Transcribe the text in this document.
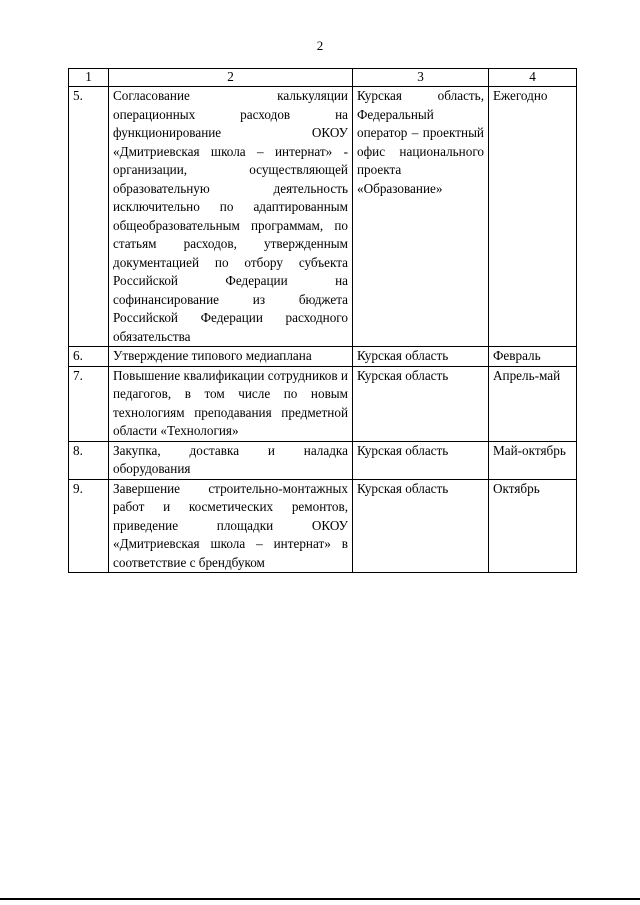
2
1	2	3	4
5.	Согласование калькуляции операционных расходов на функционирование ОКОУ «Дмитриевская школа – интернат» - организации, осуществляющей образовательную деятельность исключительно по адаптированным общеобразовательным программам, по статьям расходов, утвержденным документацией по отбору субъекта Российской Федерации на софинансирование из бюджета Российской Федерации расходного обязательства	Курская область, Федеральный оператор – проектный офис национального проекта «Образование»	Ежегодно
6.	Утверждение типового медиаплана	Курская область	Февраль
7.	Повышение квалификации сотрудников и педагогов, в том числе по новым технологиям преподавания предметной области «Технология»	Курская область	Апрель-май
8.	Закупка, доставка и наладка оборудования	Курская область	Май-октябрь
9.	Завершение строительно-монтажных работ и косметических ремонтов, приведение площадки ОКОУ «Дмитриевская школа – интернат» в соответствие с брендбуком	Курская область	Октябрь
